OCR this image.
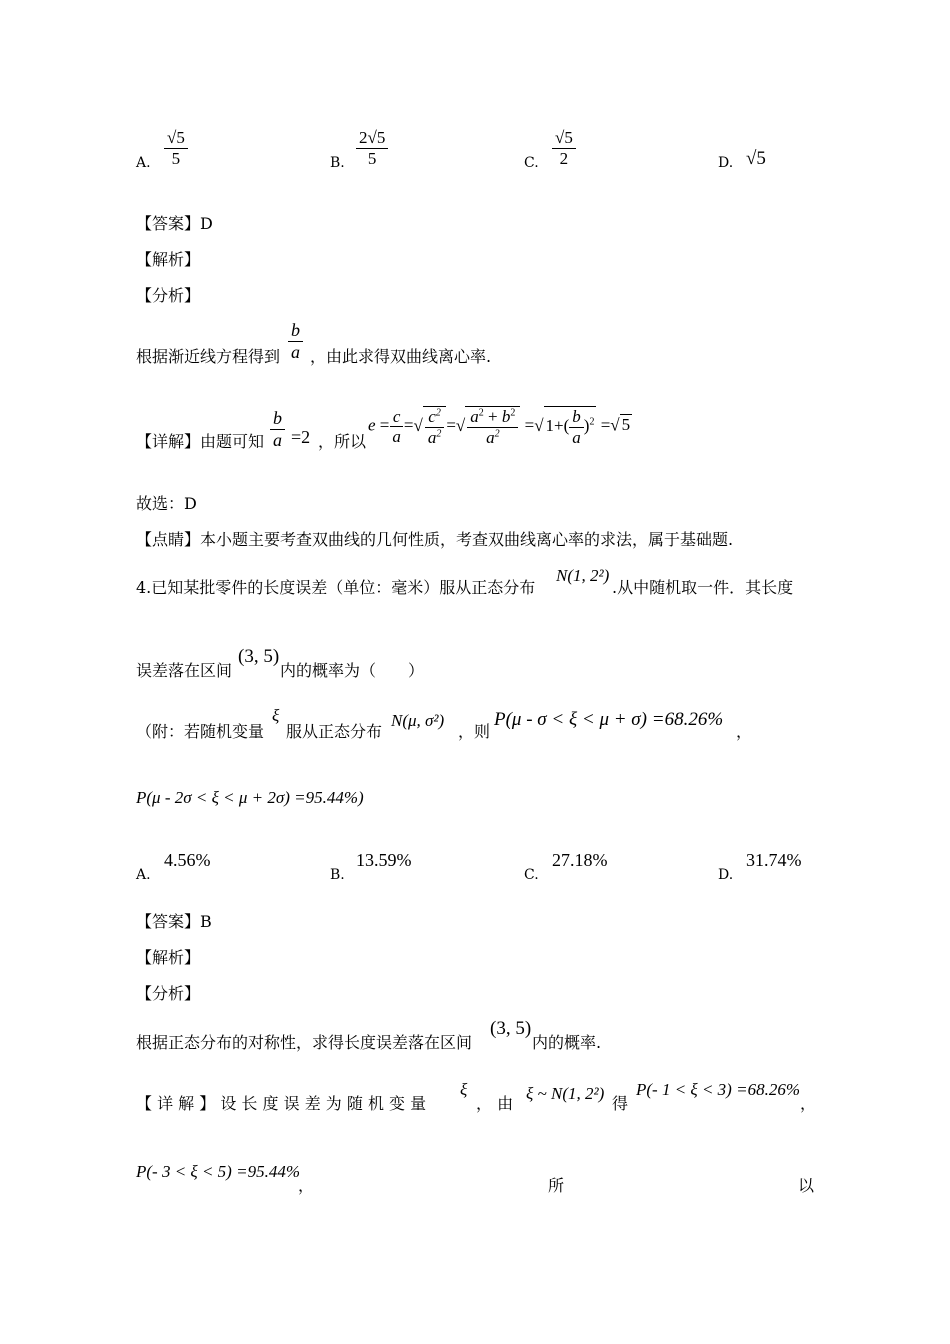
A. $\frac{√5}{5}$	B. $\frac{2√5}{5}$	C. $\frac{√5}{2}$	D. √5
【答案】D
【解析】
【分析】
根据渐近线方程得到 $\frac{b}{a}$ ，由此求得双曲线离心率.
【详解】由题可知 $\frac{b}{a} =2$ ，所以
$e = \frac{c}{a}$ =√ $\frac{c^2}{a^2}$ =√ $\frac{a^2 + b^2}{a^2}$ =√ $1+( \frac{b}{a} )^2$ =√ 5
故选：D
【点睛】本小题主要考查双曲线的几何性质，考查双曲线离心率的求法，属于基础题.
4.已知某批零件的长度误差（单位：毫米）服从正态分布
N(1, 2²)
.从中随机取一件．其长度
误差落在区间
(3, 5)
内的概率为（　　）
（附：若随机变量
ξ
服从正态分布
N(μ, σ²)
，则
P(μ - σ < ξ < μ + σ) =68.26%
，
P(μ - 2σ < ξ < μ + 2σ) =95.44%)
A.
4.56%
B.
13.59%
C.
27.18%
D.
31.74%
【答案】B
【解析】
【分析】
根据正态分布的对称性，求得长度误差落在区间
(3, 5)
内的概率.
【 详 解 】 设 长 度 误 差 为 随 机 变 量
ξ
， 由
ξ ~ N(1, 2²)
得
P(- 1 < ξ < 3) =68.26%
，
P(- 3 < ξ < 5) =95.44%
，	所	以
